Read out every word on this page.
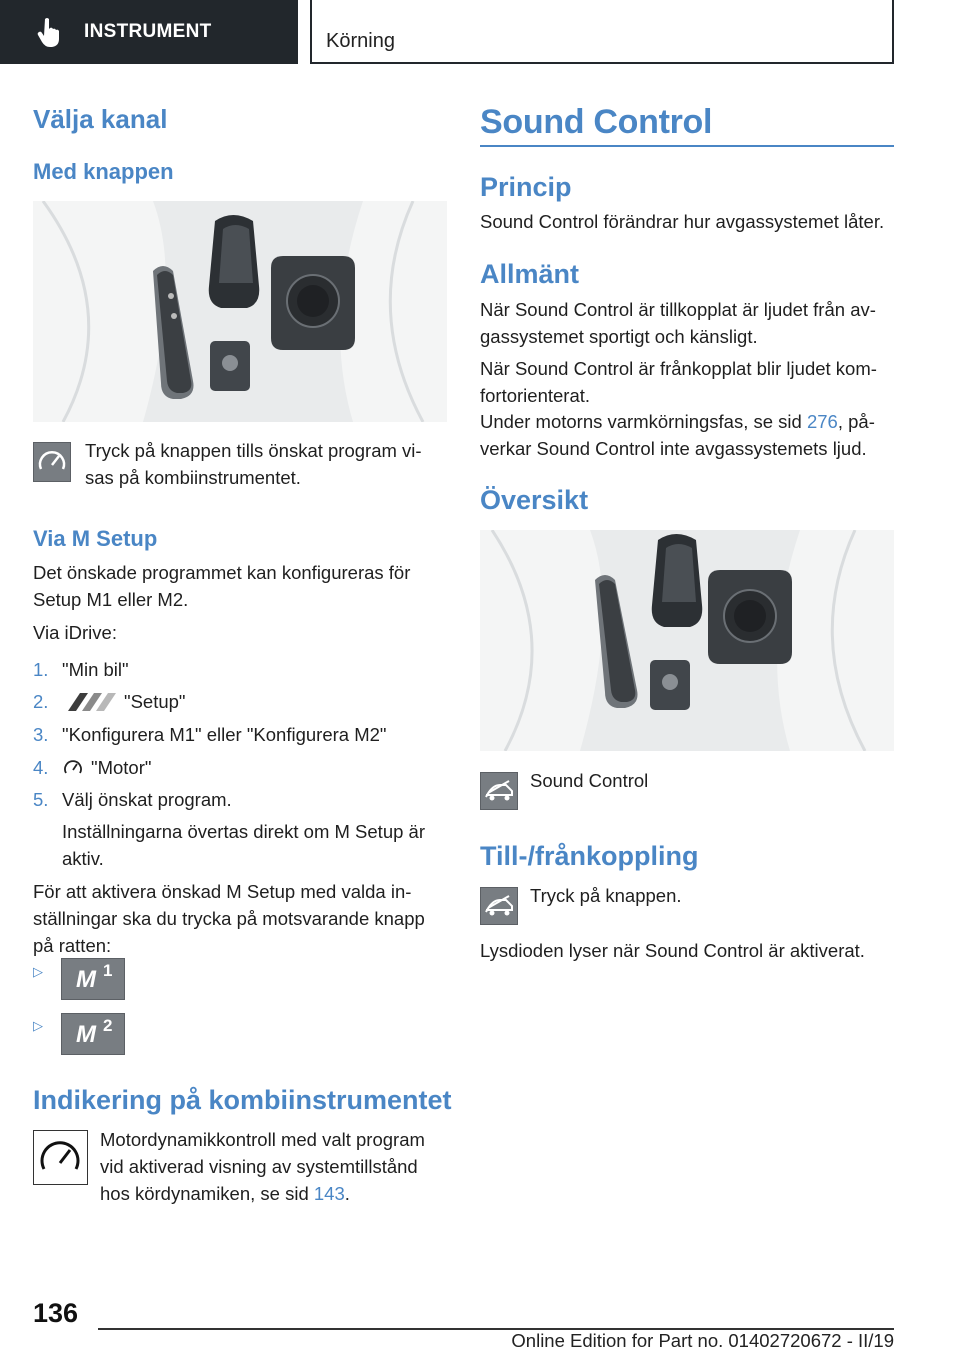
INSTRUMENT	Körning
Välja kanal
Med knappen
Tryck på knappen tills önskat program vi-sas på kombiinstrumentet.
Via M Setup
Det önskade programmet kan konfigureras för Setup M1 eller M2.
Via iDrive:
1. "Min bil"
2.	"Setup"
3. "Konfigurera M1" eller "Konfigurera M2"
4. "Motor"
5. Välj önskat program.
Inställningarna övertas direkt om M Setup är aktiv.
För att aktivera önskad M Setup med valda in-ställningar ska du trycka på motsvarande knapp på ratten:
▷ M 1
▷ M 2
Indikering på kombiinstrumentet
Motordynamikkontroll med valt program vid aktiverad visning av systemtillstånd hos kördynamiken, se sid 143.
Sound Control
Princip
Sound Control förändrar hur avgassystemet låter.
Allmänt
När Sound Control är tillkopplat är ljudet från av-gassystemet sportigt och känsligt.
När Sound Control är frånkopplat blir ljudet kom-fortorienterat.
Under motorns varmkörningsfas, se sid 276, på-verkar Sound Control inte avgassystemets ljud.
Översikt
Sound Control
Till-/frånkoppling
Tryck på knappen.
Lysdioden lyser när Sound Control är aktiverat.
136
Online Edition for Part no. 01402720672 - II/19
